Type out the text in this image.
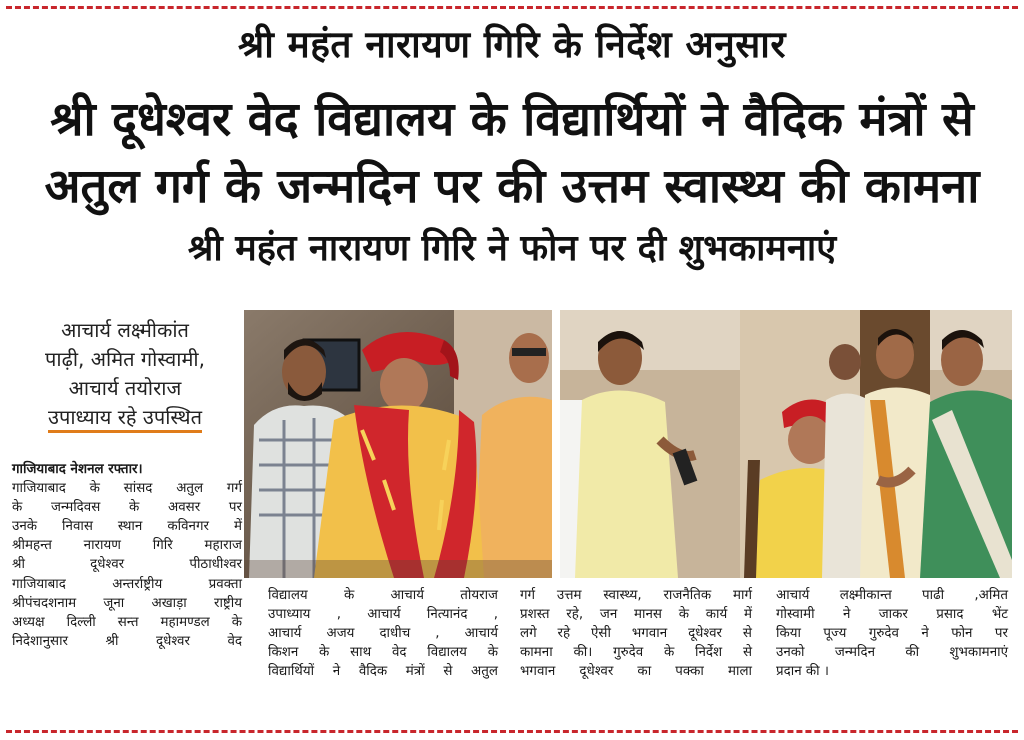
श्री महंत नारायण गिरि के निर्देश अनुसार
श्री दूधेश्वर वेद विद्यालय के विद्यार्थियों ने वैदिक मंत्रों से
अतुल गर्ग के जन्मदिन पर की उत्तम स्वास्थ्य की कामना
श्री महंत नारायण गिरि ने फोन पर दी शुभकामनाएं
आचार्य लक्ष्मीकांत
पाढ़ी, अमित गोस्वामी,
आचार्य तयोराज
उपाध्याय रहे उपस्थित

गाजियाबाद नेशनल रफ्तार।

गाजियाबाद के सांसद अतुल गर्ग

के जन्मदिवस के अवसर पर

उनके निवास स्थान कविनगर में

श्रीमहन्त नारायण गिरि महाराज

श्री दूधेश्वर पीठाधीश्वर

गाजियाबाद अन्तर्राष्ट्रीय प्रवक्ता

श्रीपंचदशनाम जूना अखाड़ा राष्ट्रीय

अध्यक्ष दिल्ली सन्त महामण्डल के

निदेशानुसार श्री दूधेश्वर वेद

विद्यालय के आचार्य तोयराज

उपाध्याय , आचार्य नित्यानंद ,

आचार्य अजय दाधीच , आचार्य

किशन के साथ वेद विद्यालय के

विद्यार्थियों ने वैदिक मंत्रों से अतुल

गर्ग उत्तम स्वास्थ्य, राजनैतिक मार्ग

प्रशस्त रहे, जन मानस के कार्य में

लगे रहे ऐसी भगवान दूधेश्वर से

कामना की। गुरुदेव के निर्देश से

भगवान दूधेश्वर का पक्का माला

आचार्य लक्ष्मीकान्त पाढी ,अमित

गोस्वामी ने जाकर प्रसाद भेंट

किया पूज्य गुरुदेव ने फोन पर

उनको जन्मदिन की शुभकामनाएं

प्रदान की ।
